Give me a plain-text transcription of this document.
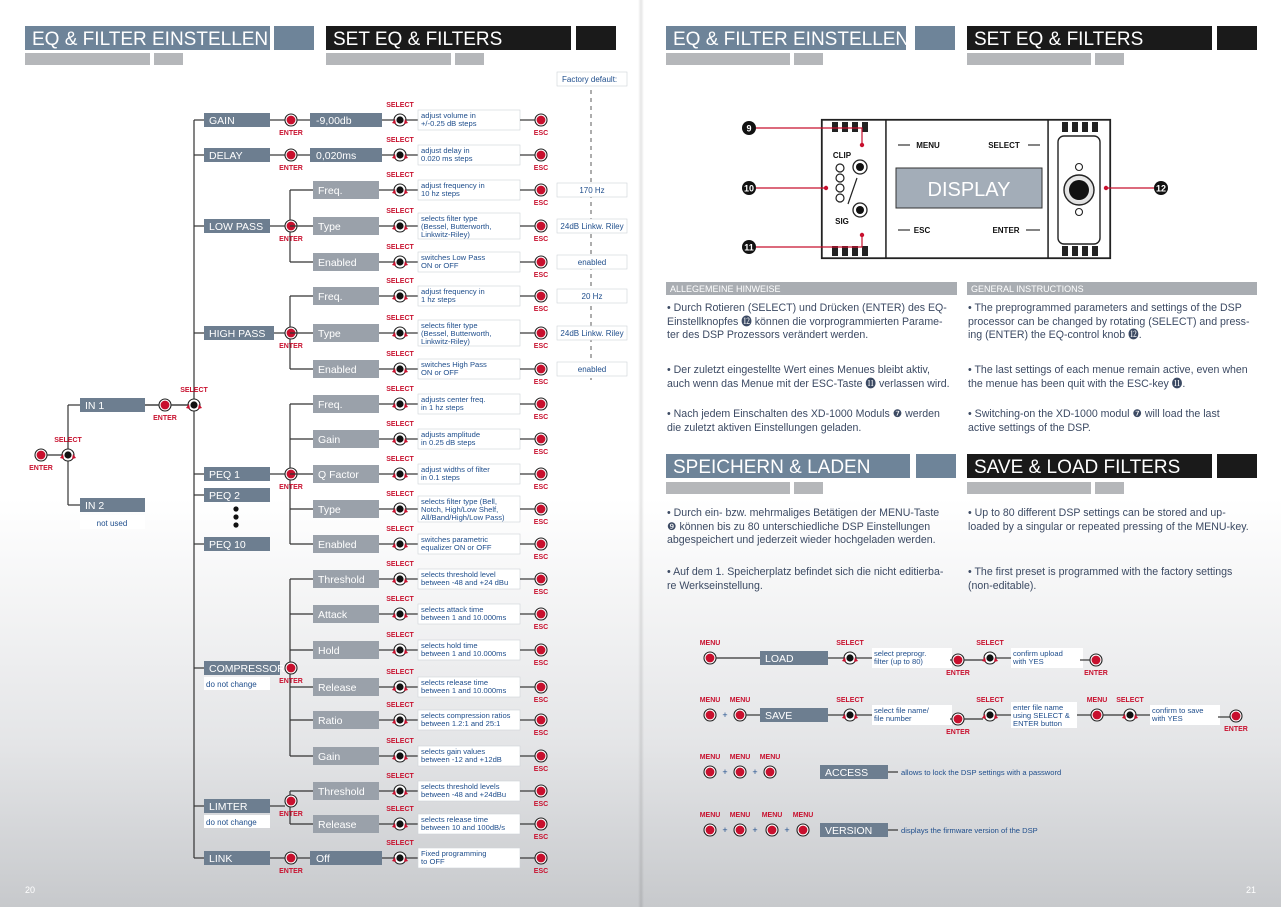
EQ & FILTER EINSTELLEN	SET EQ & FILTERS
Factory default:
ENTER
SELECT
IN 1
IN 2
not used
ENTER
SELECT
GAIN
ENTER
-9,00db
SELECT
adjust volume in
+/-0.25 dB steps
ESC
DELAY
ENTER
0,020ms
SELECT
adjust delay in
0.020 ms steps
ESC
LOW PASS
ENTER
Freq.
SELECT
adjust frequency in
10 hz steps
ESC
170 Hz
Type
SELECT
selects filter type
(Bessel, Butterworth,
Linkwitz-Riley)
ESC
24dB Linkw. Riley
Enabled
SELECT
switches Low Pass
ON or OFF
ESC
enabled
HIGH PASS
ENTER
Freq.
SELECT
adjust frequency in
1 hz steps
ESC
20 Hz
Type
SELECT
selects filter type
(Bessel, Butterworth,
Linkwitz-Riley)
ESC
24dB Linkw. Riley
Enabled
SELECT
switches High Pass
ON or OFF
ESC
enabled
PEQ 1
ENTER
PEQ 2
PEQ 10
Freq.
SELECT
adjusts center freq.
in 1 hz steps
ESC
Gain
SELECT
adjusts amplitude
in 0.25 dB steps
ESC
Q Factor
SELECT
adjust widths of filter
in 0.1 steps
ESC
Type
SELECT
selects filter type (Bell,
Notch, High/Low Shelf,
All/Band/High/Low Pass)
ESC
Enabled
SELECT
switches parametric
equalizer ON or OFF
ESC
COMPRESSOR
do not change	ENTER
Threshold
SELECT
selects threshold level
between -48 and +24 dBu
ESC
Attack
SELECT
selects attack time
between 1 and 10.000ms
ESC
Hold
SELECT
selects hold time
between 1 and 10.000ms
ESC
Release
SELECT
selects release time
between 1 and 10.000ms
ESC
Ratio
SELECT
selects compression ratios
between 1.2:1 and 25:1
ESC
Gain
SELECT
selects gain values
between -12 and +12dB
ESC
LIMTER
do not change
ENTER
Threshold
SELECT
selects threshold levels
between -48 and +24dBu
ESC
Release
SELECT
selects release time
between 10 and 100dB/s
ESC
LINK
ENTER
Off
SELECT
Fixed programming
to OFF
ESC
EQ & FILTER EINSTELLEN	SET EQ & FILTERS
DISPLAY
MENU	SELECT
ESC	ENTER
CLIP
SIG
9
10
11
12
ALLEGEMEINE HINWEISE	GENERAL INSTRUCTIONS
SPEICHERN & LADEN	SAVE & LOAD FILTERS
MENU
LOAD
SELECT
select preprogr.
filter (up to 80)
ENTER
SELECT
confirm upload
with YES
ENTER
MENU
+
MENU
SAVE
SELECT
select file name/
file number
ENTER
SELECT
enter file name
using SELECT &
ENTER button
MENU SELECT
confirm to save
with YES
ENTER
MENU
+
MENU
+
MENU
ACCESS	allows to lock the DSP settings with a password
MENU
+
MENU
+
MENU
+
MENU
VERSION	displays the firmware version of the DSP
• Durch Rotieren (SELECT) und Drücken (ENTER) des EQ-
Einstellknopfes ⓬ können die vorprogrammierten Parame-
ter des DSP Prozessors verändert werden.
• Der zuletzt eingestellte Wert eines Menues bleibt aktiv,
auch wenn das Menue mit der ESC-Taste ⓫ verlassen wird.
• Nach jedem Einschalten des XD-1000 Moduls ❼ werden
die zuletzt aktiven Einstellungen geladen.
• The preprogrammed parameters and settings of the DSP
processor can be changed by rotating (SELECT) and press-
ing (ENTER) the EQ-control knob ⓬.
• The last settings of each menue remain active, even when
the menue has been quit with the ESC-key ⓫.
• Switching-on the XD-1000 modul ❼ will load the last
active settings of the DSP.
• Durch ein- bzw. mehrmaliges Betätigen der MENU-Taste
❾ können bis zu 80 unterschiedliche DSP Einstellungen
abgespeichert und jederzeit wieder hochgeladen werden.
• Auf dem 1. Speicherplatz befindet sich die nicht editierba-
re Werkseinstellung.
• Up to 80 different DSP settings can be stored and up-
loaded by a singular or repeated pressing of the MENU-key.
• The first preset is programmed with the factory settings
(non-editable).
20	21
